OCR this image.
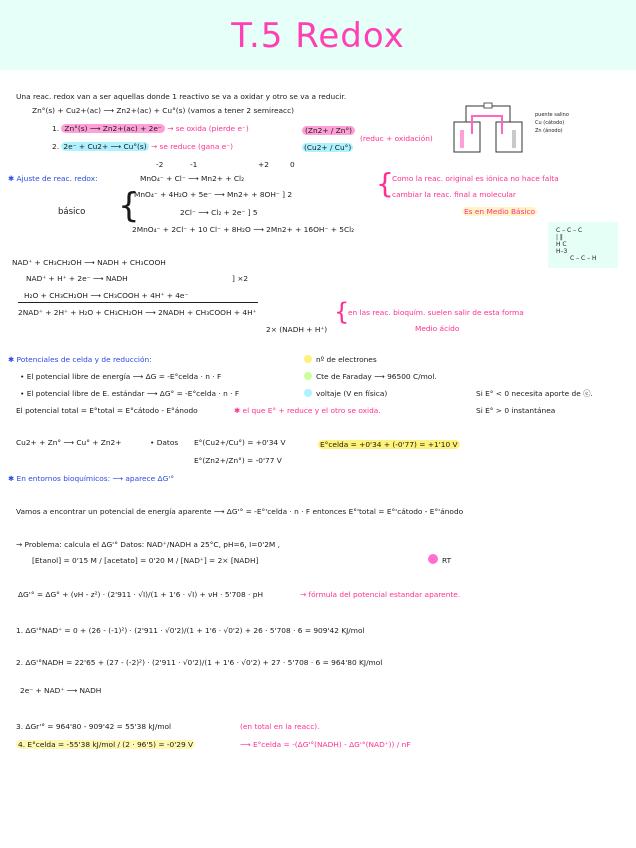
T.5 Redox
Una reac. redox van a ser aquellas donde 1 reactivo se va a oxidar y otro se va a reducir.
Zn°(s) + Cu2+(ac) ⟶ Zn2+(ac) + Cu°(s) (vamos a tener 2 semireacc)
1. Zn°(s) ⟶ Zn2+(ac) + 2e⁻ → se oxida (pierde e⁻)
2. 2e⁻ + Cu2+ ⟶ Cu°(s) → se reduce (gana e⁻)
(Zn2+ / Zn°)
(Cu2+ / Cu°)
(reduc + oxidación)
puente salino
Cu (cátodo)
Zn (ánodo)
-2	-1	+2	0
✱ Ajuste de reac. redox:	MnO₄⁻ + Cl⁻ ⟶ Mn2+ + Cl₂
MnO₄⁻ + 4H₂O + 5e⁻ ⟶ Mn2+ + 8OH⁻ ] 2
básico {	2Cl⁻ ⟶ Cl₂ + 2e⁻ ] 5
2MnO₄⁻ + 2Cl⁻ + 10 Cl⁻ + 8H₂O ⟶ 2Mn2+ + 16OH⁻ + 5Cl₂
{
Como la reac. original es iónica no hace falta
cambiar la reac. final a molecular
Es en Medio Básico
C – C – C
| ‖
H C
H–3
C – C – H
NAD⁺ + CH₃CH₂OH ⟶ NADH + CH₃COOH
NAD⁺ + H⁺ + 2e⁻ ⟶ NADH	] ×2
H₂O + CH₃CH₂OH ⟶ CH₃COOH + 4H⁺ + 4e⁻
2NAD⁺ + 2H⁺ + H₂O + CH₃CH₂OH ⟶ 2NADH + CH₃COOH + 4H⁺
2× (NADH + H⁺)
{
en las reac. bioquím. suelen salir de esta forma
Medio ácido
✱ Potenciales de celda y de reducción:
• El potencial libre de energía ⟶ ΔG = -E°celda · n · F
• El potencial libre de E. estándar ⟶ ΔG° = -E°celda · n · F
El potencial total = E°total = E°cátodo - E°ánodo	✱ el que E° + reduce y el otro se oxida.
nº de electrones
Cte de Faraday ⟶ 96500 C/mol.
voltaje (V en física)	Si E° < 0 necesita aporte de ⓔ.
Si E° > 0 instantánea
Cu2+ + Zn° ⟶ Cu° + Zn2+	• Datos E°(Cu2+/Cu°) = +0'34 V
E°(Zn2+/Zn°) = -0'77 V
E°celda = +0'34 + (-0'77) = +1'10 V
✱ En entornos bioquímicos: ⟶ aparece ΔG'°
Vamos a encontrar un potencial de energía aparente ⟶ ΔG'° = -E°'celda · n · F entonces E°'total = E°'cátodo - E°'ánodo
→ Problema: calcula el ΔG'° Datos: NAD⁺/NADH a 25°C, pH=6, I=0'2M ,
[Etanol] = 0'15 M / [acetato] = 0'20 M / [NAD⁺] = 2× [NADH]	RT
ΔG'° = ΔG° + (νH - z²) · (2'911 · √I)/(1 + 1'6 · √I) + νH · 5'708 · pH	→ fórmula del potencial estandar aparente.
1. ΔG'°NAD⁺ = 0 + (26 - (-1)²) · (2'911 · √0'2)/(1 + 1'6 · √0'2) + 26 · 5'708 · 6 = 909'42 KJ/mol
2. ΔG'°NADH = 22'65 + (27 - (-2)²) · (2'911 · √0'2)/(1 + 1'6 · √0'2) + 27 · 5'708 · 6 = 964'80 KJ/mol
2e⁻ + NAD⁺ ⟶ NADH
3. ΔGr'° = 964'80 - 909'42 = 55'38 kJ/mol	(en total en la reacc).
4. E°celda = -55'38 kJ/mol / (2 · 96'5) = -0'29 V	⟶ E°celda = -(ΔG'°(NADH) - ΔG'°(NAD⁺)) / nF
